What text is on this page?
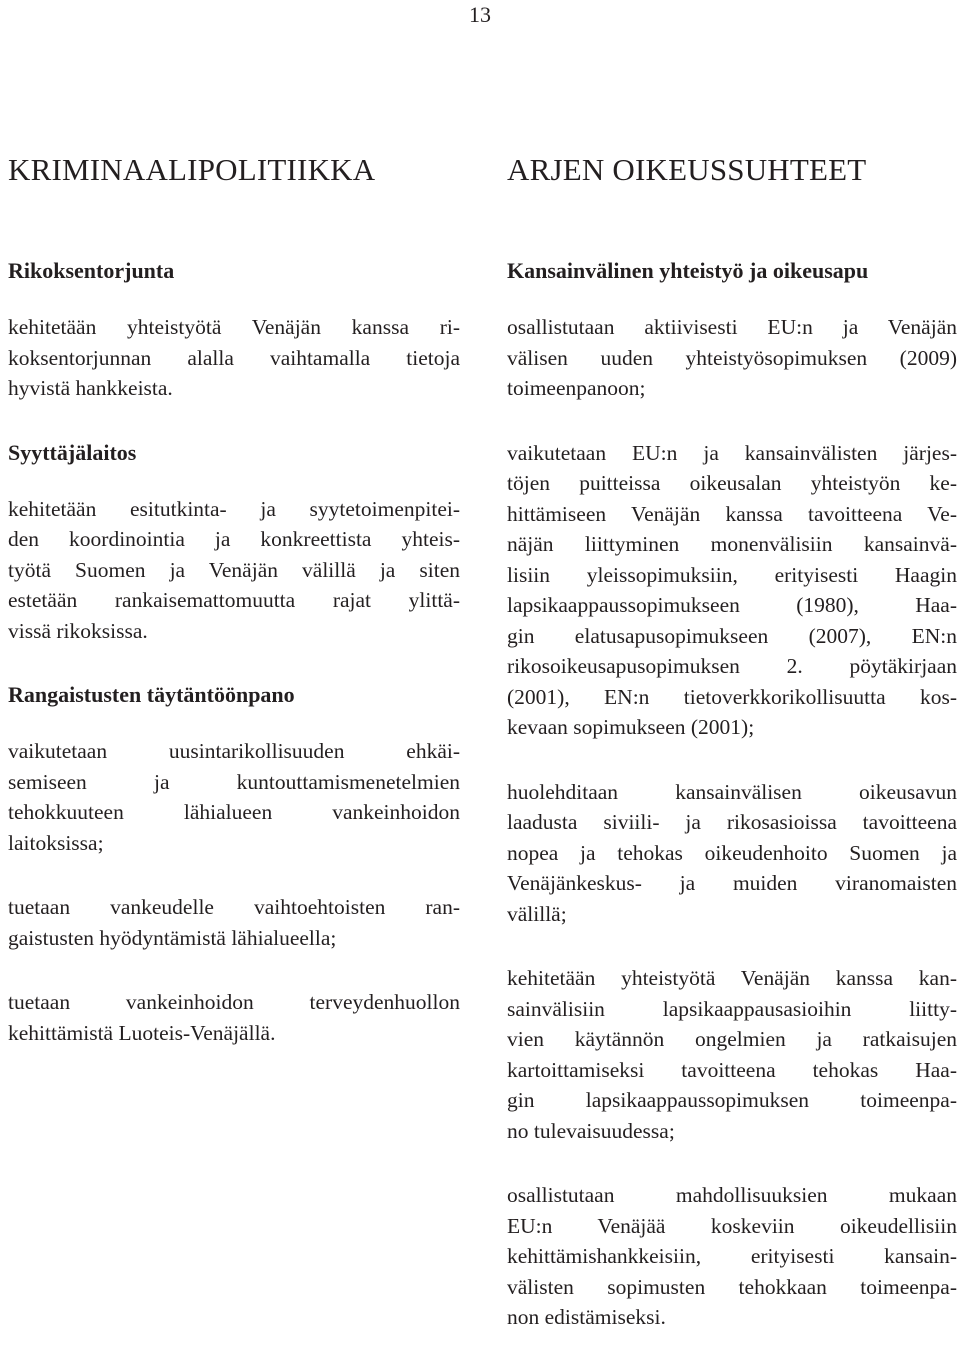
13
KRIMINAALIPOLITIIKKA
Rikoksentorjunta

kehitetään yhteistyötä Venäjän kanssa ri-
koksentorjunnan alalla vaihtamalla tietoja
hyvistä hankkeista.

Syyttäjälaitos

kehitetään esitutkinta- ja syytetoimenpitei-
den koordinointia ja konkreettista yhteis-
työtä Suomen ja Venäjän välillä ja siten
estetään rankaisemattomuutta rajat ylittä-
vissä rikoksissa.

Rangaistusten täytäntöönpano

vaikutetaan uusintarikollisuuden ehkäi-
semiseen ja kuntouttamismenetelmien
tehokkuuteen lähialueen vankeinhoidon
laitoksissa;

tuetaan vankeudelle vaihtoehtoisten ran-
gaistusten hyödyntämistä lähialueella;

tuetaan vankeinhoidon terveydenhuollon
kehittämistä Luoteis-Venäjällä.

ARJEN OIKEUSSUHTEET
Kansainvälinen yhteistyö ja oikeusapu

osallistutaan aktiivisesti EU:n ja Venäjän
välisen uuden yhteistyösopimuksen (2009)
toimeenpanoon;

vaikutetaan EU:n ja kansainvälisten järjes-
töjen puitteissa oikeusalan yhteistyön ke-
hittämiseen Venäjän kanssa tavoitteena Ve-
näjän liittyminen monenvälisiin kansainvä-
lisiin yleissopimuksiin, erityisesti Haagin
lapsikaappaussopimukseen (1980), Haa-
gin elatusapusopimukseen (2007), EN:n
rikosoikeusapusopimuksen 2. pöytäkirjaan
(2001), EN:n tietoverkkorikollisuutta kos-
kevaan sopimukseen (2001);

huolehditaan kansainvälisen oikeusavun
laadusta siviili- ja rikosasioissa tavoitteena
nopea ja tehokas oikeudenhoito Suomen ja
Venäjänkeskus- ja muiden viranomaisten
välillä;

kehitetään yhteistyötä Venäjän kanssa kan-
sainvälisiin lapsikaappausasioihin liitty-
vien käytännön ongelmien ja ratkaisujen
kartoittamiseksi tavoitteena tehokas Haa-
gin lapsikaappaussopimuksen toimeenpa-
no tulevaisuudessa;

osallistutaan mahdollisuuksien mukaan
EU:n Venäjää koskeviin oikeudellisiin
kehittämishankkeisiin, erityisesti kansain-
välisten sopimusten tehokkaan toimeenpa-
non edistämiseksi.
